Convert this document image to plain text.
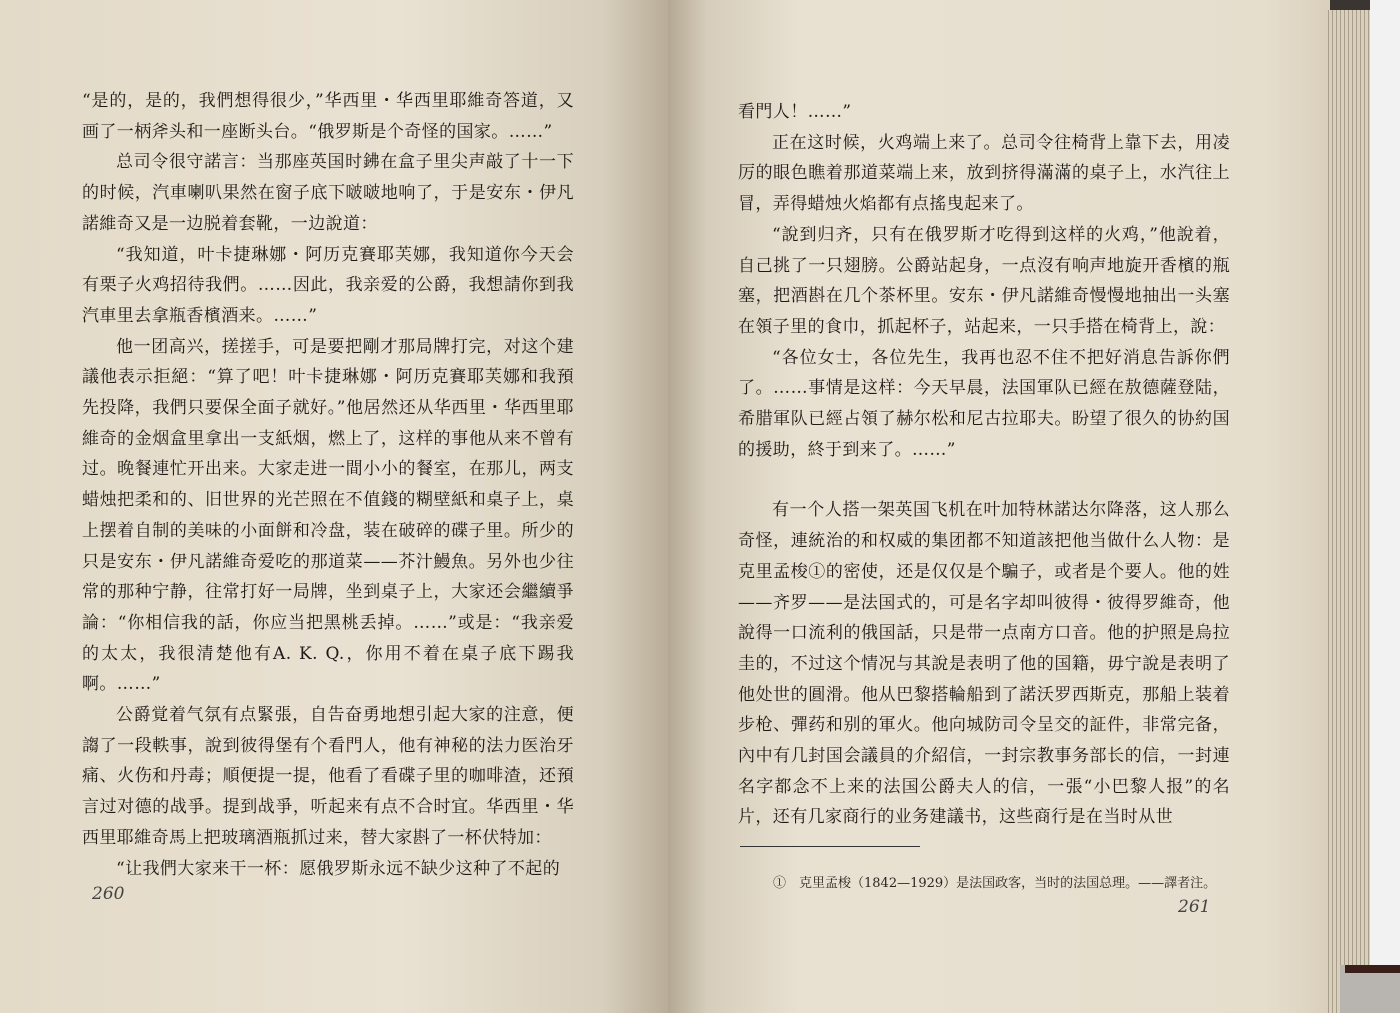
“是的，是的，我們想得很少，”华西里・华西里耶維奇答道，又画了一柄斧头和一座断头台。“俄罗斯是个奇怪的国家。……”

总司令很守諾言：当那座英国时鉘在盒子里尖声敲了十一下的时候，汽車喇叭果然在窗子底下啵啵地响了，于是安东・伊凡諾維奇又是一边脱着套靴，一边說道：

“我知道，叶卡捷琳娜・阿历克賽耶芙娜，我知道你今天会有栗子火鸡招待我們。……因此，我亲爱的公爵，我想請你到我汽車里去拿瓶香檳酒来。……”

他一团高兴，搓搓手，可是要把剛才那局牌打完，对这个建議他表示拒絕：“算了吧！叶卡捷琳娜・阿历克賽耶芙娜和我預先投降，我們只要保全面子就好。”他居然还从华西里・华西里耶維奇的金烟盒里拿出一支紙烟，燃上了，这样的事他从来不曾有过。晚餐連忙开出来。大家走进一間小小的餐室，在那儿，两支蜡烛把柔和的、旧世界的光芒照在不值錢的糊壁紙和桌子上，桌上摆着自制的美味的小面餅和冷盘，装在破碎的碟子里。所少的只是安东・伊凡諾維奇爱吃的那道菜——芥汁鰻魚。另外也少往常的那种宁静，往常打好一局牌，坐到桌子上，大家还会繼續爭論：“你相信我的話，你应当把黑桃丢掉。……”或是：“我亲爱的太太，我很清楚他有A. K. Q.，你用不着在桌子底下踢我啊。……”

公爵覚着气氛有点緊張，自告奋勇地想引起大家的注意，便謅了一段軼事，說到彼得堡有个看門人，他有神秘的法力医治牙痛、火伤和丹毒；順便提一提，他看了看碟子里的咖啡渣，还預言过对德的战爭。提到战爭，听起来有点不合时宜。华西里・华西里耶維奇馬上把玻璃酒瓶抓过来，替大家斟了一杯伏特加：

“让我們大家来干一杯：愿俄罗斯永远不缺少这种了不起的

260

看門人！……”

正在这时候，火鸡端上来了。总司令往椅背上靠下去，用凌厉的眼色瞧着那道菜端上来，放到挤得滿滿的桌子上，水汽往上冒，弄得蜡烛火焰都有点搖曳起来了。

“說到归齐，只有在俄罗斯才吃得到这样的火鸡，”他說着，自己挑了一只翅膀。公爵站起身，一点沒有响声地旋开香檳的瓶塞，把酒斟在几个茶杯里。安东・伊凡諾維奇慢慢地抽出一头塞在領子里的食巾，抓起杯子，站起来，一只手搭在椅背上，說：

“各位女士，各位先生，我再也忍不住不把好消息告訴你們了。……事情是这样：今天早晨，法国軍队已經在敖德薩登陆，希腊軍队已經占領了赫尔松和尼古拉耶夫。盼望了很久的协約国的援助，終于到来了。……”

有一个人搭一架英国飞机在叶加特林諾达尔降落，这人那么奇怪，連統治的和权威的集团都不知道該把他当做什么人物：是克里孟梭①的密使，还是仅仅是个騙子，或者是个要人。他的姓——齐罗——是法国式的，可是名字却叫彼得・彼得罗維奇，他說得一口流利的俄国話，只是带一点南方口音。他的护照是烏拉圭的，不过这个情况与其說是表明了他的国籍，毋宁說是表明了他处世的圓滑。他从巴黎搭輪船到了諾沃罗西斯克，那船上装着步枪、彈药和别的軍火。他向城防司令呈交的証件，非常完备，內中有几封国会議員的介紹信，一封宗教事务部长的信，一封連名字都念不上来的法国公爵夫人的信，一張“小巴黎人报”的名片，还有几家商行的业务建議书，这些商行是在当时从世

①　克里孟梭（1842—1929）是法国政客，当时的法国总理。——譯者注。
261
